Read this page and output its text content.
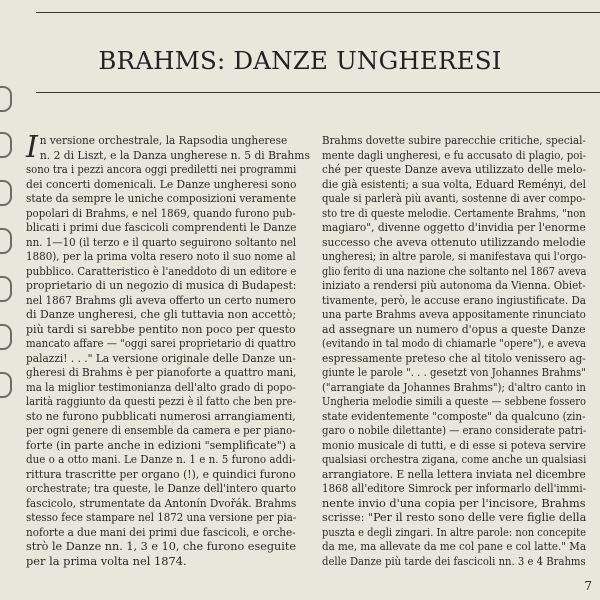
BRAHMS: DANZE UNGHERESI
I n versione orchestrale, la Rapsodia ungherese
n. 2 di Liszt, e la Danza ungherese n. 5 di Brahms
sono tra i pezzi ancora oggi prediletti nei programmi
dei concerti domenicali. Le Danze ungheresi sono
state da sempre le uniche composizioni veramente
popolari di Brahms, e nel 1869, quando furono pub-
blicati i primi due fascicoli comprendenti le Danze
nn. 1—10 (il terzo e il quarto seguirono soltanto nel
1880), per la prima volta resero noto il suo nome al
pubblico. Caratteristico è l'aneddoto di un editore e
proprietario di un negozio di musica di Budapest:
nel 1867 Brahms gli aveva offerto un certo numero
di Danze ungheresi, che gli tuttavia non accettò;
più tardi si sarebbe pentito non poco per questo
mancato affare — "oggi sarei proprietario di quattro
palazzi! . . ." La versione originale delle Danze un-
gheresi di Brahms è per pianoforte a quattro mani,
ma la miglior testimonianza dell'alto grado di popo-
larità raggiunto da questi pezzi è il fatto che ben pre-
sto ne furono pubblicati numerosi arrangiamenti,
per ogni genere di ensemble da camera e per piano-
forte (in parte anche in edizioni "semplificate") a
due o a otto mani. Le Danze n. 1 e n. 5 furono addi-
rittura trascritte per organo (!), e quindici furono
orchestrate; tra queste, le Danze dell'intero quarto
fascicolo, strumentate da Antonín Dvořák. Brahms
stesso fece stampare nel 1872 una versione per pia-
noforte a due mani dei primi due fascicoli, e orche-
strò le Danze nn. 1, 3 e 10, che furono eseguite
per la prima volta nel 1874.
Brahms dovette subire parecchie critiche, special-
mente dagli ungheresi, e fu accusato di plagio, poi-
ché per queste Danze aveva utilizzato delle melo-
die già esistenti; a sua volta, Eduard Reményi, del
quale si parlerà più avanti, sostenne di aver compo-
sto tre di queste melodie. Certamente Brahms, "non
magiaro", divenne oggetto d'invidia per l'enorme
successo che aveva ottenuto utilizzando melodie
ungheresi; in altre parole, si manifestava qui l'orgo-
glio ferito di una nazione che soltanto nel 1867 aveva
iniziato a rendersi più autonoma da Vienna. Obiet-
tivamente, però, le accuse erano ingiustificate. Da
una parte Brahms aveva appositamente rinunciato
ad assegnare un numero d'opus a queste Danze
(evitando in tal modo di chiamarle "opere"), e aveva
espressamente preteso che al titolo venissero ag-
giunte le parole ". . . gesetzt von Johannes Brahms"
("arrangiate da Johannes Brahms"); d'altro canto in
Ungheria melodie simili a queste — sebbene fossero
state evidentemente "composte" da qualcuno (zin-
garo o nobile dilettante) — erano considerate patri-
monio musicale di tutti, e di esse si poteva servire
qualsiasi orchestra zigana, come anche un qualsiasi
arrangiatore. E nella lettera inviata nel dicembre
1868 all'editore Simrock per informarlo dell'immi-
nente invio d'una copia per l'incisore, Brahms
scrisse: "Per il resto sono delle vere figlie della
puszta e degli zingari. In altre parole: non concepite
da me, ma allevate da me col pane e col latte." Ma
delle Danze più tarde dei fascicoli nn. 3 e 4 Brahms
7
